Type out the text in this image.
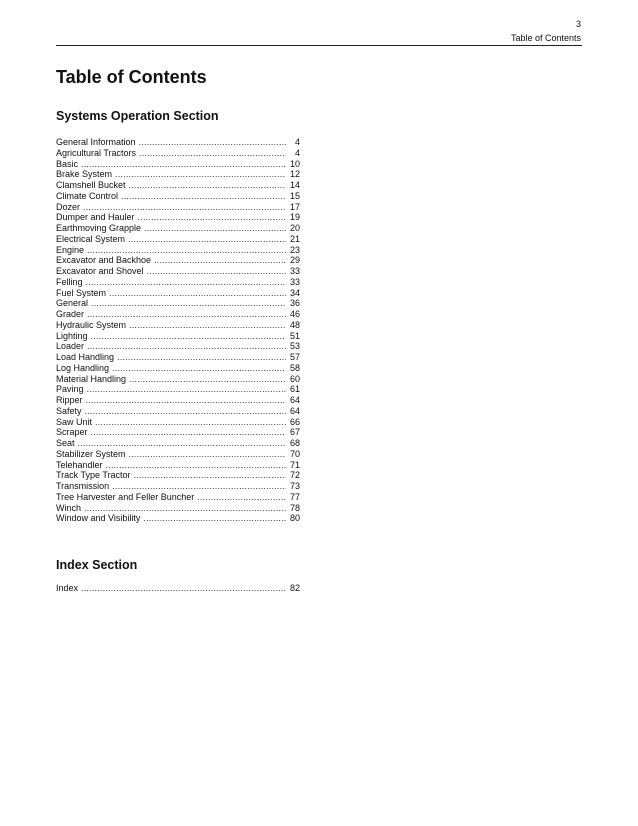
3
Table of Contents
Table of Contents
Systems Operation Section
General Information .....	4
Agricultural Tractors .....	4
Basic .....	10
Brake System .....	12
Clamshell Bucket .....	14
Climate Control .....	15
Dozer .....	17
Dumper and Hauler .....	19
Earthmoving Grapple .....	20
Electrical System .....	21
Engine .....	23
Excavator and Backhoe .....	29
Excavator and Shovel .....	33
Felling .....	33
Fuel System .....	34
General .....	36
Grader .....	46
Hydraulic System .....	48
Lighting .....	51
Loader .....	53
Load Handling .....	57
Log Handling .....	58
Material Handling .....	60
Paving .....	61
Ripper .....	64
Safety .....	64
Saw Unit .....	66
Scraper .....	67
Seat .....	68
Stabilizer System .....	70
Telehandler .....	71
Track Type Tractor .....	72
Transmission .....	73
Tree Harvester and Feller Buncher .....	77
Winch .....	78
Window and Visibility .....	80
Index Section
Index .....	82
